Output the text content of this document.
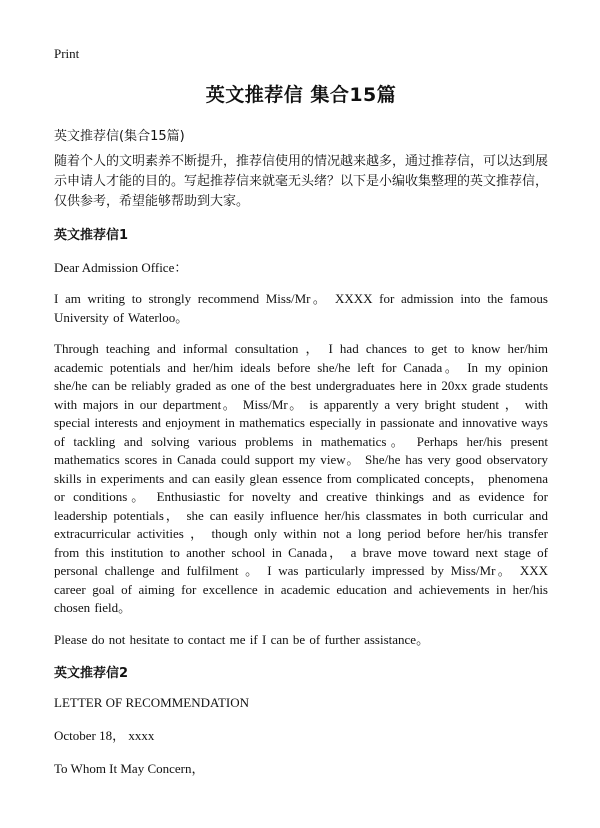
Print
英文推荐信 集合15篇
英文推荐信(集合15篇)
随着个人的文明素养不断提升，推荐信使用的情况越来越多，通过推荐信，可以达到展示申请人才能的目的。写起推荐信来就毫无头绪？以下是小编收集整理的英文推荐信，仅供参考，希望能够帮助到大家。
英文推荐信1
Dear Admission Office：
I am writing to strongly recommend Miss/Mr。 XXXX for admission into the famous University of Waterloo。
Through teaching and informal consultation ， I had chances to get to know her/him academic potentials and her/him ideals before she/he left for Canada。 In my opinion she/he can be reliably graded as one of the best undergraduates here in 20xx grade students with majors in our department。 Miss/Mr。 is apparently a very bright student ， with special interests and enjoyment in mathematics especially in passionate and innovative ways of tackling and solving various problems in mathematics。 Perhaps her/his present mathematics scores in Canada could support my view。 She/he has very good observatory skills in experiments and can easily glean essence from complicated concepts， phenomena or conditions。 Enthusiastic for novelty and creative thinkings and as evidence for leadership potentials， she can easily influence her/his classmates in both curricular and extracurricular activities ， though only within not a long period before her/his transfer from this institution to another school in Canada， a brave move toward next stage of personal challenge and fulfilment 。 I was particularly impressed by Miss/Mr。 XXX career goal of aiming for excellence in academic education and achievements in her/his chosen field。
Please do not hesitate to contact me if I can be of further assistance。
英文推荐信2
LETTER OF RECOMMENDATION
October 18， xxxx
To Whom It May Concern，
